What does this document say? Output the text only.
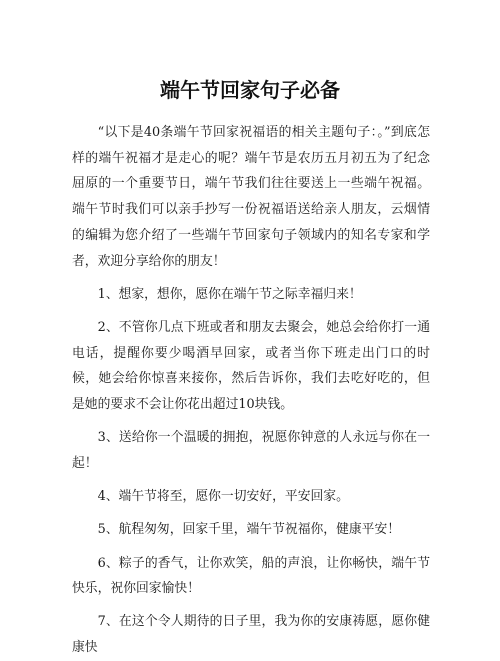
端午节回家句子必备

“以下是40条端午节回家祝福语的相关主题句子：。”到底怎样的端午祝福才是走心的呢？端午节是农历五月初五为了纪念屈原的一个重要节日，端午节我们往往要送上一些端午祝福。端午节时我们可以亲手抄写一份祝福语送给亲人朋友，云烟情的编辑为您介绍了一些端午节回家句子领域内的知名专家和学者，欢迎分享给你的朋友！

1、想家，想你，愿你在端午节之际幸福归来！

2、不管你几点下班或者和朋友去聚会，她总会给你打一通电话，提醒你要少喝酒早回家，或者当你下班走出门口的时候，她会给你惊喜来接你，然后告诉你，我们去吃好吃的，但是她的要求不会让你花出超过10块钱。

3、送给你一个温暖的拥抱，祝愿你钟意的人永远与你在一起！

4、端午节将至，愿你一切安好，平安回家。

5、航程匆匆，回家千里，端午节祝福你，健康平安！

6、粽子的香气，让你欢笑，船的声浪，让你畅快，端午节快乐，祝你回家愉快！

7、在这个令人期待的日子里，我为你的安康祷愿，愿你健康快
